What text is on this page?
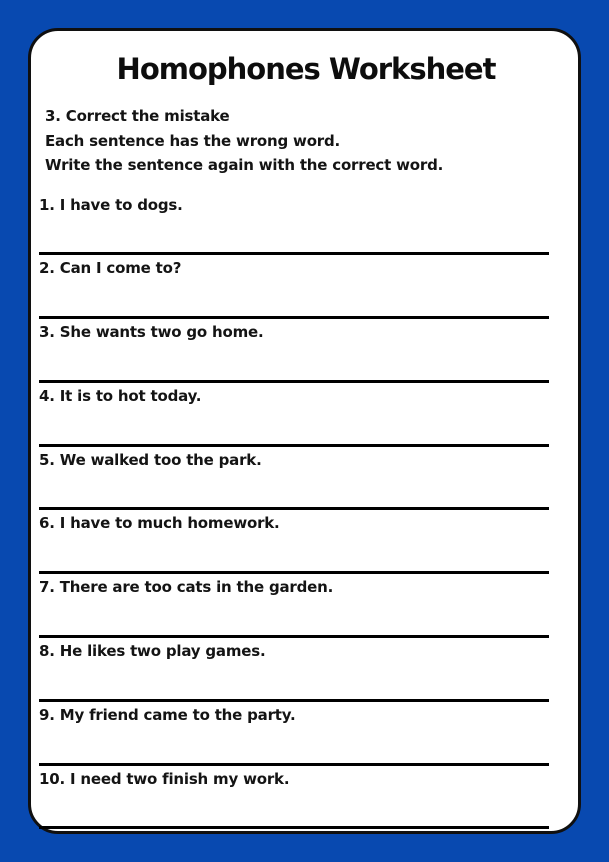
Homophones Worksheet

3. Correct the mistake

Each sentence has the wrong word.

Write the sentence again with the correct word.

1. I have to dogs.
2. Can I come to?
3. She wants two go home.
4. It is to hot today.
5. We walked too the park.
6. I have to much homework.
7. There are too cats in the garden.
8. He likes two play games.
9. My friend came to the party.
10. I need two finish my work.
